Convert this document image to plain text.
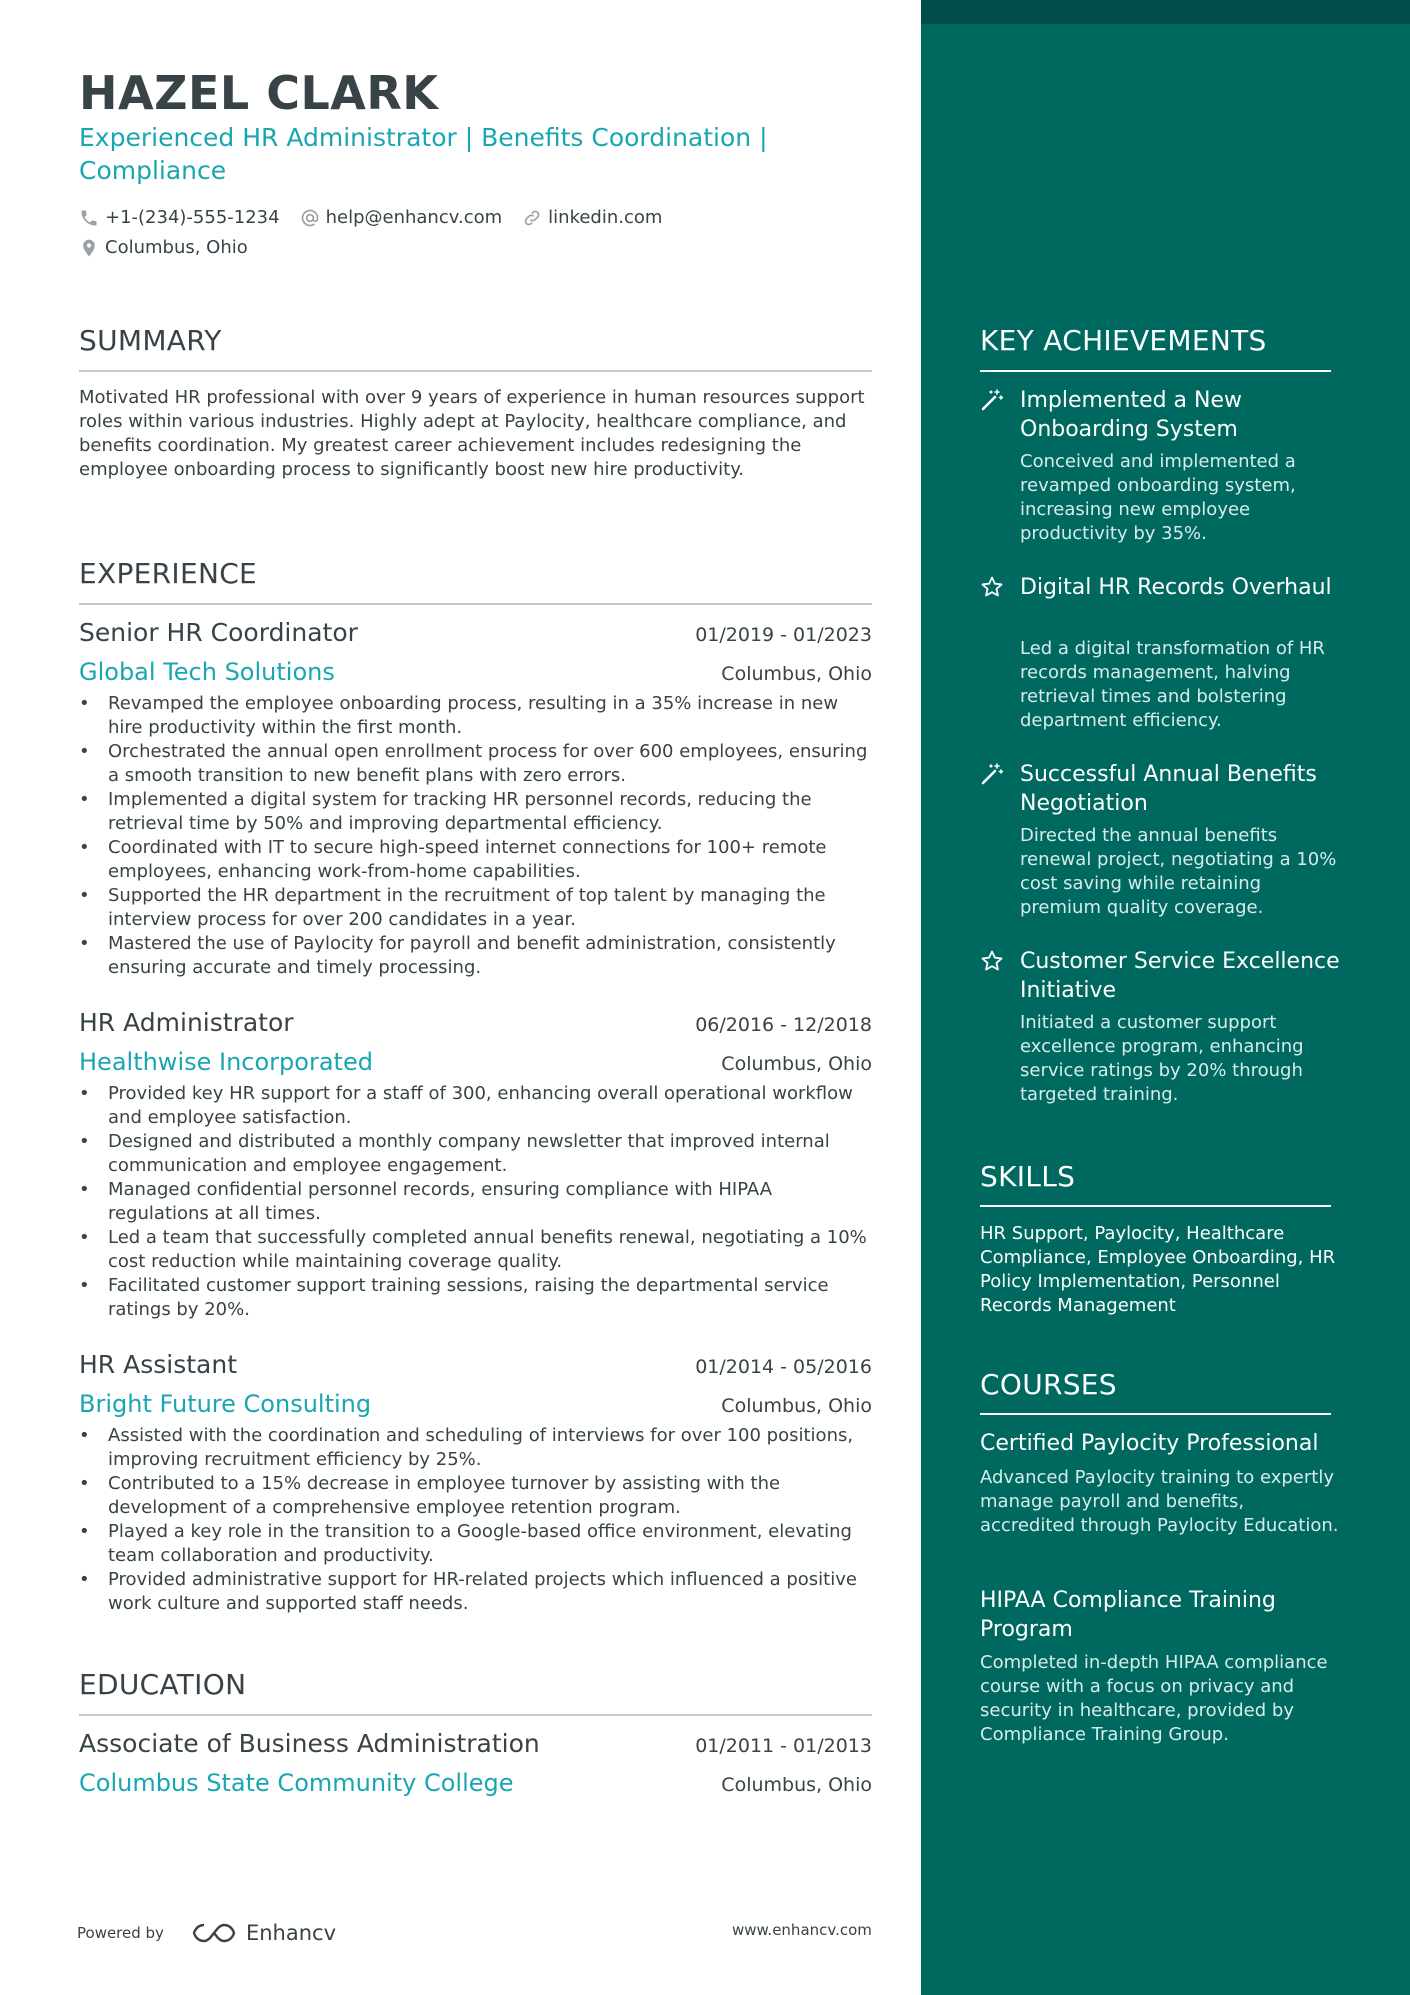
HAZEL CLARK
Experienced HR Administrator | Benefits Coordination | Compliance
+1-(234)-555-1234	help@enhancv.com	linkedin.com
Columbus, Ohio
SUMMARY
Motivated HR professional with over 9 years of experience in human resources support roles within various industries. Highly adept at Paylocity, healthcare compliance, and benefits coordination. My greatest career achievement includes redesigning the employee onboarding process to significantly boost new hire productivity.
EXPERIENCE
Senior HR Coordinator	01/2019 - 01/2023
Global Tech Solutions	Columbus, Ohio
• Revamped the employee onboarding process, resulting in a 35% increase in new hire productivity within the first month.
• Orchestrated the annual open enrollment process for over 600 employees, ensuring a smooth transition to new benefit plans with zero errors.
• Implemented a digital system for tracking HR personnel records, reducing the retrieval time by 50% and improving departmental efficiency.
• Coordinated with IT to secure high-speed internet connections for 100+ remote employees, enhancing work-from-home capabilities.
• Supported the HR department in the recruitment of top talent by managing the interview process for over 200 candidates in a year.
• Mastered the use of Paylocity for payroll and benefit administration, consistently ensuring accurate and timely processing.
HR Administrator	06/2016 - 12/2018
Healthwise Incorporated	Columbus, Ohio
• Provided key HR support for a staff of 300, enhancing overall operational workflow and employee satisfaction.
• Designed and distributed a monthly company newsletter that improved internal communication and employee engagement.
• Managed confidential personnel records, ensuring compliance with HIPAA regulations at all times.
• Led a team that successfully completed annual benefits renewal, negotiating a 10% cost reduction while maintaining coverage quality.
• Facilitated customer support training sessions, raising the departmental service ratings by 20%.
HR Assistant	01/2014 - 05/2016
Bright Future Consulting	Columbus, Ohio
• Assisted with the coordination and scheduling of interviews for over 100 positions, improving recruitment efficiency by 25%.
• Contributed to a 15% decrease in employee turnover by assisting with the development of a comprehensive employee retention program.
• Played a key role in the transition to a Google-based office environment, elevating team collaboration and productivity.
• Provided administrative support for HR-related projects which influenced a positive work culture and supported staff needs.
EDUCATION
Associate of Business Administration	01/2011 - 01/2013
Columbus State Community College	Columbus, Ohio
Powered by	Enhancv	www.enhancv.com
KEY ACHIEVEMENTS
Implemented a New Onboarding System
Conceived and implemented a revamped onboarding system, increasing new employee productivity by 35%.
Digital HR Records Overhaul
Led a digital transformation of HR records management, halving retrieval times and bolstering department efficiency.
Successful Annual Benefits Negotiation
Directed the annual benefits renewal project, negotiating a 10% cost saving while retaining premium quality coverage.
Customer Service Excellence Initiative
Initiated a customer support excellence program, enhancing service ratings by 20% through targeted training.
SKILLS
HR Support, Paylocity, Healthcare Compliance, Employee Onboarding, HR Policy Implementation, Personnel Records Management
COURSES
Certified Paylocity Professional
Advanced Paylocity training to expertly manage payroll and benefits, accredited through Paylocity Education.
HIPAA Compliance Training Program
Completed in-depth HIPAA compliance course with a focus on privacy and security in healthcare, provided by Compliance Training Group.
